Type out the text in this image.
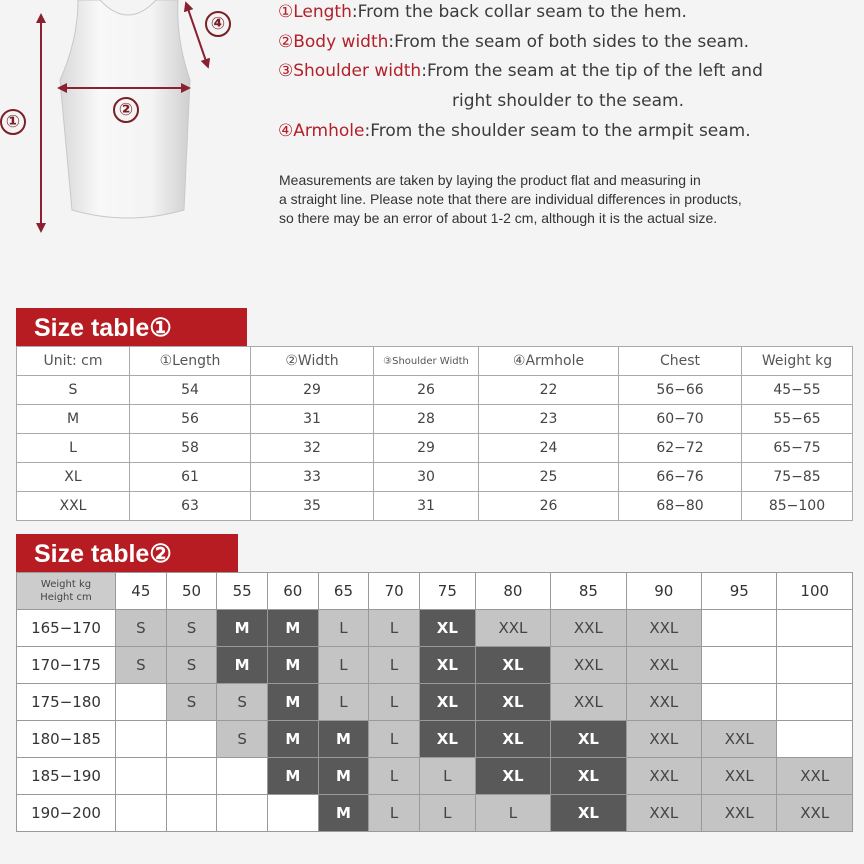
①
②
④
①Length:From the back collar seam to the hem.
②Body width:From the seam of both sides to the seam.
③Shoulder width:From the seam at the tip of the left and
right shoulder to the seam.
④Armhole:From the shoulder seam to the armpit seam.
Measurements are taken by laying the product flat and measuring in
a straight line. Please note that there are individual differences in products,
so there may be an error of about 1-2 cm, although it is the actual size.
Size table①
Unit: cm	①Length	②Width	③Shoulder Width	④Armhole	Chest	Weight kg
S	54	29	26	22	56−66	45−55
M	56	31	28	23	60−70	55−65
L	58	32	29	24	62−72	65−75
XL	61	33	30	25	66−76	75−85
XXL	63	35	31	26	68−80	85−100
Size table②
Weight kg
Height cm	45	50	55	60	65	70	75	80	85	90	95	100
165−170	S	S	M	M	L	L	XL	XXL	XXL	XXL		
170−175	S	S	M	M	L	L	XL	XL	XXL	XXL		
175−180		S	S	M	L	L	XL	XL	XXL	XXL		
180−185			S	M	M	L	XL	XL	XL	XXL	XXL	
185−190				M	M	L	L	XL	XL	XXL	XXL	XXL
190−200					M	L	L	L	XL	XXL	XXL	XXL
